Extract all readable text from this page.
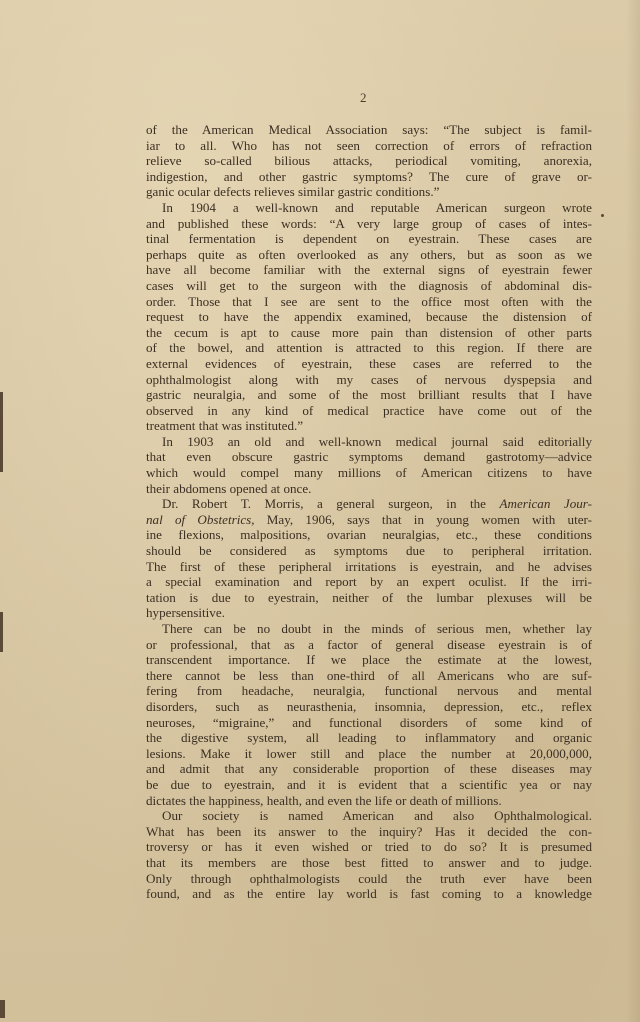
2
of the American Medical Association says: “The subject is famil-
iar to all. Who has not seen correction of errors of refraction
relieve so-called bilious attacks, periodical vomiting, anorexia,
indigestion, and other gastric symptoms? The cure of grave or-
ganic ocular defects relieves similar gastric conditions.”
In 1904 a well-known and reputable American surgeon wrote
and published these words: “A very large group of cases of intes-
tinal fermentation is dependent on eyestrain. These cases are
perhaps quite as often overlooked as any others, but as soon as we
have all become familiar with the external signs of eyestrain fewer
cases will get to the surgeon with the diagnosis of abdominal dis-
order. Those that I see are sent to the office most often with the
request to have the appendix examined, because the distension of
the cecum is apt to cause more pain than distension of other parts
of the bowel, and attention is attracted to this region. If there are
external evidences of eyestrain, these cases are referred to the
ophthalmologist along with my cases of nervous dyspepsia and
gastric neuralgia, and some of the most brilliant results that I have
observed in any kind of medical practice have come out of the
treatment that was instituted.”
In 1903 an old and well-known medical journal said editorially
that even obscure gastric symptoms demand gastrotomy—advice
which would compel many millions of American citizens to have
their abdomens opened at once.
Dr. Robert T. Morris, a general surgeon, in the American Jour-
nal of Obstetrics, May, 1906, says that in young women with uter-
ine flexions, malpositions, ovarian neuralgias, etc., these conditions
should be considered as symptoms due to peripheral irritation.
The first of these peripheral irritations is eyestrain, and he advises
a special examination and report by an expert oculist. If the irri-
tation is due to eyestrain, neither of the lumbar plexuses will be
hypersensitive.
There can be no doubt in the minds of serious men, whether lay
or professional, that as a factor of general disease eyestrain is of
transcendent importance. If we place the estimate at the lowest,
there cannot be less than one-third of all Americans who are suf-
fering from headache, neuralgia, functional nervous and mental
disorders, such as neurasthenia, insomnia, depression, etc., reflex
neuroses, “migraine,” and functional disorders of some kind of
the digestive system, all leading to inflammatory and organic
lesions. Make it lower still and place the number at 20,000,000,
and admit that any considerable proportion of these diseases may
be due to eyestrain, and it is evident that a scientific yea or nay
dictates the happiness, health, and even the life or death of millions.
Our society is named American and also Ophthalmological.
What has been its answer to the inquiry? Has it decided the con-
troversy or has it even wished or tried to do so? It is presumed
that its members are those best fitted to answer and to judge.
Only through ophthalmologists could the truth ever have been
found, and as the entire lay world is fast coming to a knowledge
